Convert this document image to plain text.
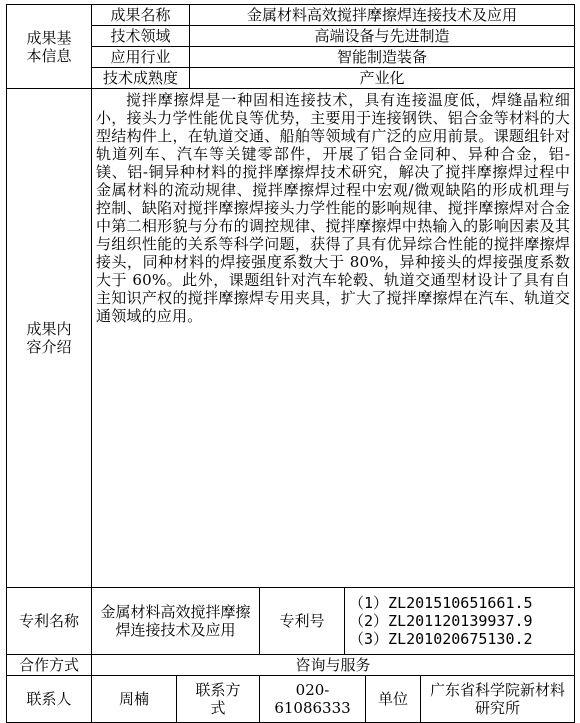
成果基本信息	成果名称		金属材料高效搅拌摩擦焊连接技术及应用				
	技术领域		高端设备与先进制造				
	应用行业		智能制造装备				
	技术成熟度		产业化				
成果内容介绍	搅拌摩擦焊是一种固相连接技术，具有连接温度低，焊缝晶粒细小，接头力学性能优良等优势，主要用于连接钢铁、铝合金等材料的大型结构件上，在轨道交通、船舶等领域有广泛的应用前景。课题组针对轨道列车、汽车等关键零部件，开展了铝合金同种、异种合金，铝-镁、铝-铜异种材料的搅拌摩擦焊技术研究，解决了搅拌摩擦焊过程中金属材料的流动规律、搅拌摩擦焊过程中宏观/微观缺陷的形成机理与控制、缺陷对搅拌摩擦焊接头力学性能的影响规律、搅拌摩擦焊对合金中第二相形貌与分布的调控规律、搅拌摩擦焊中热输入的影响因素及其与组织性能的关系等科学问题，获得了具有优异综合性能的搅拌摩擦焊接头，同种材料的焊接强度系数大于 80%，异种接头的焊接强度系数大于 60%。此外，课题组针对汽车轮毂、轨道交通型材设计了具有自主知识产权的搅拌摩擦焊专用夹具，扩大了搅拌摩擦焊在汽车、轨道交通领域的应用。						

专利名称	金属材料高效搅拌摩擦焊连接技术及应用			专利号	（1）ZL201510651661.5
（2）ZL201120139937.9
（3）ZL201020675130.2		

合作方式	咨询与服务						
联系人	周楠	联系方式		020-61086333		单位	广东省科学院新材料研究所
